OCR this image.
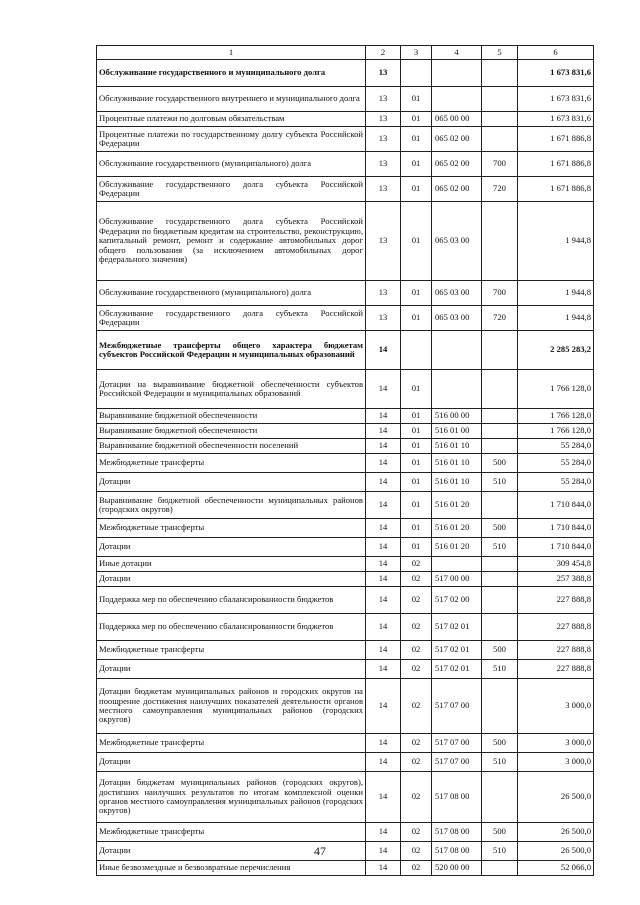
1	2	3	4	5	6
Обслуживание государственного и муниципального долга	13				1 673 831,6
Обслуживание государственного внутреннего и муниципального долга	13	01			1 673 831,6
Процентные платежи по долговым обязательствам	13	01	065 00 00		1 673 831,6
Процентные платежи по государственному долгу субъекта Российской Федерации	13	01	065 02 00		1 671 886,8
Обслуживание государственного (муниципального) долга	13	01	065 02 00	700	1 671 886,8
Обслуживание государственного долга субъекта Российской Федерации	13	01	065 02 00	720	1 671 886,8
Обслуживание государственного долга субъекта Российской Федерации по бюджетным кредитам на строительство, реконструкцию, капитальный ремонт, ремонт и содержание автомобильных дорог общего пользования (за исключением автомобильных дорог федерального значения)	13	01	065 03 00		1 944,8
Обслуживание государственного (муниципального) долга	13	01	065 03 00	700	1 944,8
Обслуживание государственного долга субъекта Российской Федерации	13	01	065 03 00	720	1 944,8
Межбюджетные трансферты общего характера бюджетам субъектов Российской Федерации и муниципальных образований	14				2 285 283,2
Дотации на выравнивание бюджетной обеспеченности субъектов Российской Федерации и муниципальных образований	14	01			1 766 128,0
Выравнивание бюджетной обеспеченности	14	01	516 00 00		1 766 128,0
Выравнивание бюджетной обеспеченности	14	01	516 01 00		1 766 128,0
Выравнивание бюджетной обеспеченности поселений	14	01	516 01 10		55 284,0
Межбюджетные трансферты	14	01	516 01 10	500	55 284,0
Дотации	14	01	516 01 10	510	55 284,0
Выравнивание бюджетной обеспеченности муниципальных районов (городских округов)	14	01	516 01 20		1 710 844,0
Межбюджетные трансферты	14	01	516 01 20	500	1 710 844,0
Дотации	14	01	516 01 20	510	1 710 844,0
Иные дотации	14	02			309 454,8
Дотации	14	02	517 00 00		257 388,8
Поддержка мер по обеспечению сбалансированности бюджетов	14	02	517 02 00		227 888,8
Поддержка мер по обеспечению сбалансированности бюджетов	14	02	517 02 01		227 888,8
Межбюджетные трансферты	14	02	517 02 01	500	227 888,8
Дотации	14	02	517 02 01	510	227 888,8
Дотации бюджетам муниципальных районов и городских округов на поощрение достижения наилучших показателей деятельности органов местного самоуправления муниципальных районов (городских округов)	14	02	517 07 00		3 000,0
Межбюджетные трансферты	14	02	517 07 00	500	3 000,0
Дотации	14	02	517 07 00	510	3 000,0
Дотации бюджетам муниципальных районов (городских округов), достигших наилучших результатов по итогам комплексной оценки органов местного самоуправления муниципальных районов (городских округов)	14	02	517 08 00		26 500,0
Межбюджетные трансферты	14	02	517 08 00	500	26 500,0
Дотации	14	02	517 08 00	510	26 500,0
Иные безвозмездные и безвозвратные перечисления	14	02	520 00 00		52 066,0
47
